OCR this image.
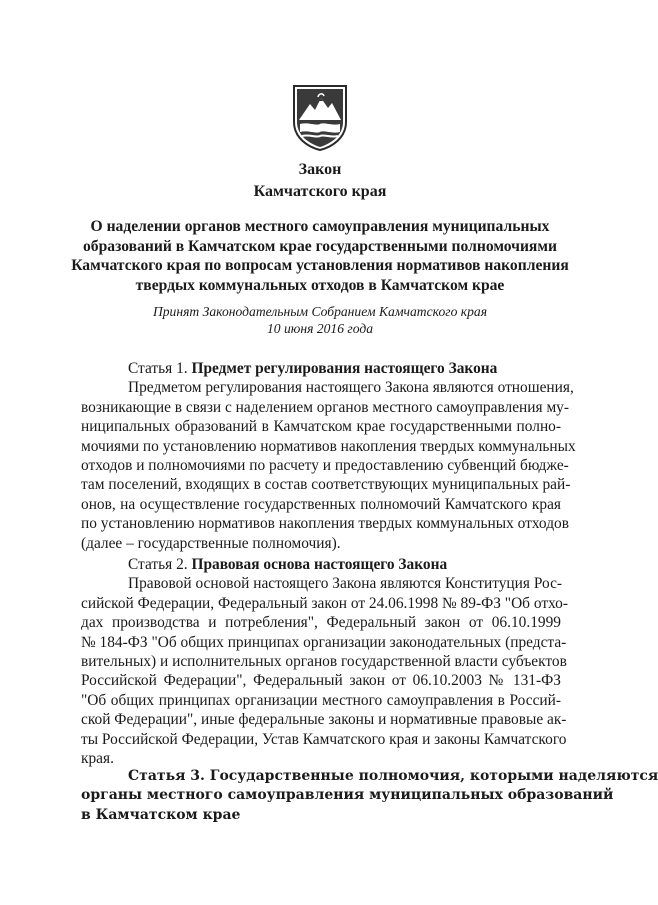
Закон
Камчатского края
О наделении органов местного самоуправления муниципальных
образований в Камчатском крае государственными полномочиями
Камчатского края по вопросам установления нормативов накопления
твердых коммунальных отходов в Камчатском крае
Принят Законодательным Собранием Камчатского края
10 июня 2016 года
Статья 1. Предмет регулирования настоящего Закона
Предметом регулирования настоящего Закона являются отношения,
возникающие в связи с наделением органов местного самоуправления му-
ниципальных образований в Камчатском крае государственными полно-
мочиями по установлению нормативов накопления твердых коммунальных
отходов и полномочиями по расчету и предоставлению субвенций бюдже-
там поселений, входящих в состав соответствующих муниципальных рай-
онов, на осуществление государственных полномочий Камчатского края
по установлению нормативов накопления твердых коммунальных отходов
(далее – государственные полномочия).
Статья 2. Правовая основа настоящего Закона
Правовой основой настоящего Закона являются Конституция Рос-
сийской Федерации, Федеральный закон от 24.06.1998 № 89-ФЗ "Об отхо-
дах производства и потребления", Федеральный закон от 06.10.1999
№ 184-ФЗ "Об общих принципах организации законодательных (предста-
вительных) и исполнительных органов государственной власти субъектов
Российской Федерации", Федеральный закон от 06.10.2003 № 131-ФЗ
"Об общих принципах организации местного самоуправления в Россий-
ской Федерации", иные федеральные законы и нормативные правовые ак-
ты Российской Федерации, Устав Камчатского края и законы Камчатского
края.
Статья 3. Государственные полномочия, которыми наделяются
органы местного самоуправления муниципальных образований
в Камчатском крае
